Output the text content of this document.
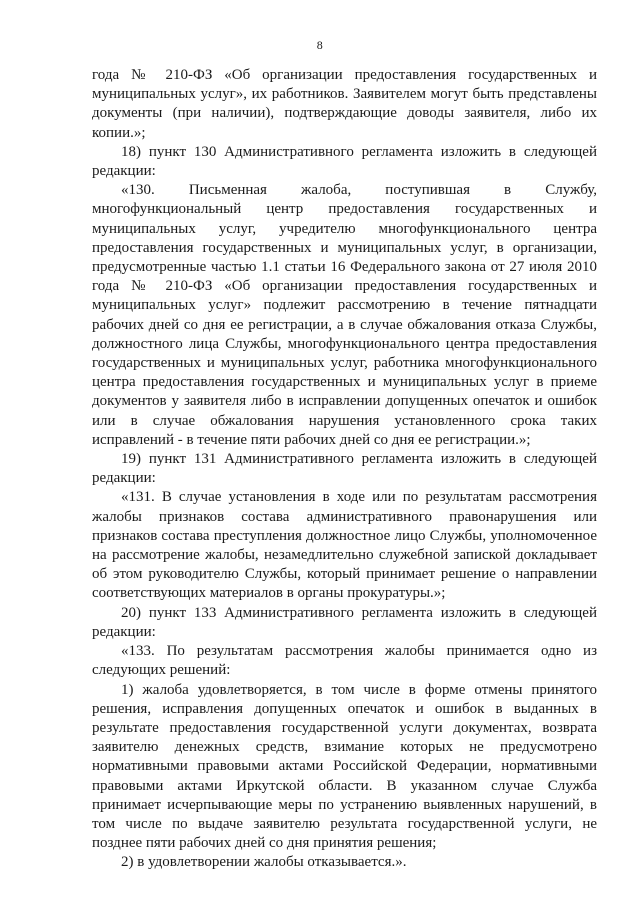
8

года № 210-ФЗ «Об организации предоставления государственных и муниципальных услуг», их работников. Заявителем могут быть представлены документы (при наличии), подтверждающие доводы заявителя, либо их копии.»;

18) пункт 130 Административного регламента изложить в следующей редакции:

«130. Письменная жалоба, поступившая в Службу, многофункциональный центр предоставления государственных и муниципальных услуг, учредителю многофункционального центра предоставления государственных и муниципальных услуг, в организации, предусмотренные частью 1.1 статьи 16 Федерального закона от 27 июля 2010 года № 210-ФЗ «Об организации предоставления государственных и муниципальных услуг» подлежит рассмотрению в течение пятнадцати рабочих дней со дня ее регистрации, а в случае обжалования отказа Службы, должностного лица Службы, многофункционального центра предоставления государственных и муниципальных услуг, работника многофункционального центра предоставления государственных и муниципальных услуг в приеме документов у заявителя либо в исправлении допущенных опечаток и ошибок или в случае обжалования нарушения установленного срока таких исправлений - в течение пяти рабочих дней со дня ее регистрации.»;

19) пункт 131 Административного регламента изложить в следующей редакции:

«131. В случае установления в ходе или по результатам рассмотрения жалобы признаков состава административного правонарушения или признаков состава преступления должностное лицо Службы, уполномоченное на рассмотрение жалобы, незамедлительно служебной запиской докладывает об этом руководителю Службы, который принимает решение о направлении соответствующих материалов в органы прокуратуры.»;

20) пункт 133 Административного регламента изложить в следующей редакции:

«133. По результатам рассмотрения жалобы принимается одно из следующих решений:

1) жалоба удовлетворяется, в том числе в форме отмены принятого решения, исправления допущенных опечаток и ошибок в выданных в результате предоставления государственной услуги документах, возврата заявителю денежных средств, взимание которых не предусмотрено нормативными правовыми актами Российской Федерации, нормативными правовыми актами Иркутской области. В указанном случае Служба принимает исчерпывающие меры по устранению выявленных нарушений, в том числе по выдаче заявителю результата государственной услуги, не позднее пяти рабочих дней со дня принятия решения;

2) в удовлетворении жалобы отказывается.».
